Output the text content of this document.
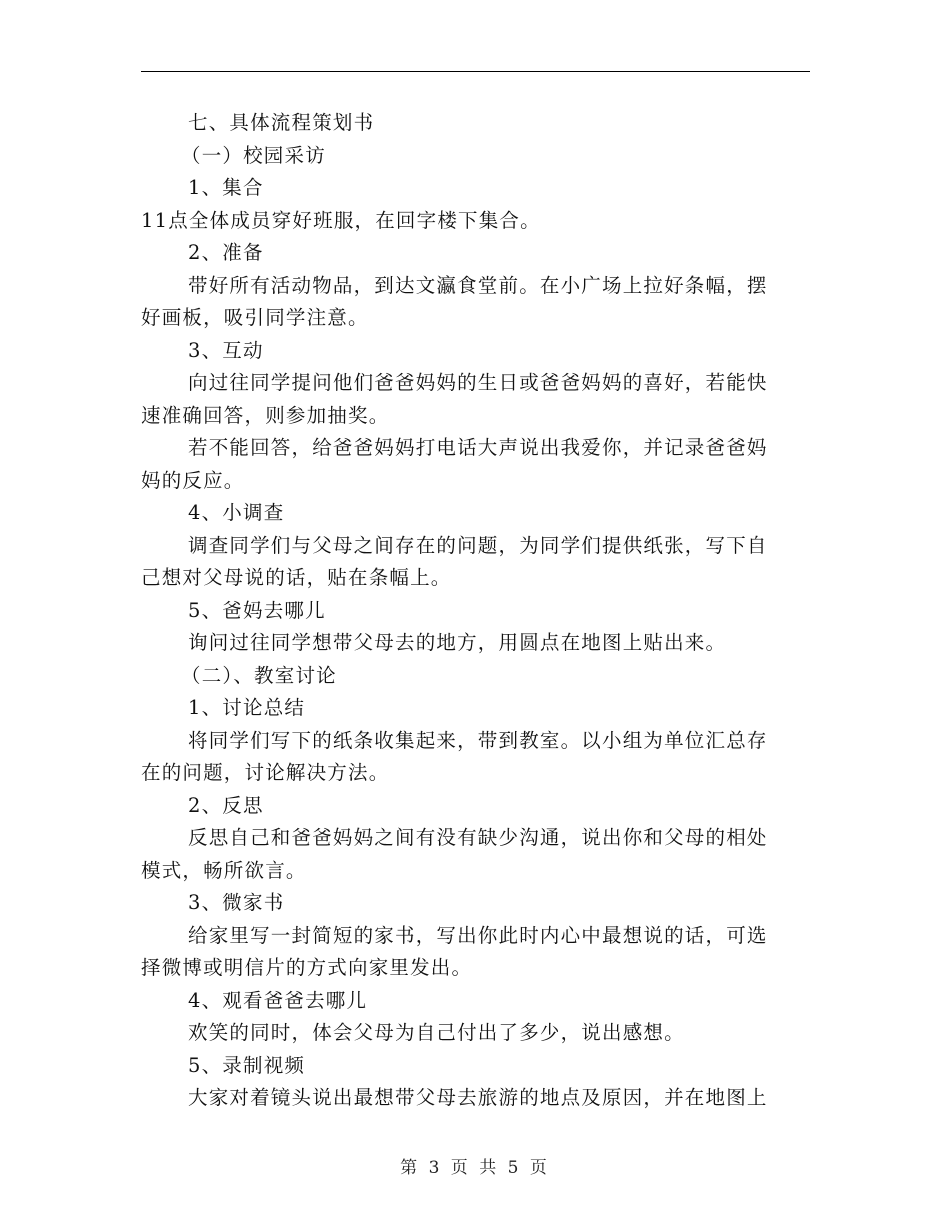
七、具体流程策划书
（一）校园采访
1、集合
11点全体成员穿好班服，在回字楼下集合。
2、准备
带好所有活动物品，到达文瀛食堂前。在小广场上拉好条幅，摆
好画板，吸引同学注意。
3、互动
向过往同学提问他们爸爸妈妈的生日或爸爸妈妈的喜好，若能快
速准确回答，则参加抽奖。
若不能回答，给爸爸妈妈打电话大声说出我爱你，并记录爸爸妈
妈的反应。
4、小调查
调查同学们与父母之间存在的问题，为同学们提供纸张，写下自
己想对父母说的话，贴在条幅上。
5、爸妈去哪儿
询问过往同学想带父母去的地方，用圆点在地图上贴出来。
（二）、教室讨论
1、讨论总结
将同学们写下的纸条收集起来，带到教室。以小组为单位汇总存
在的问题，讨论解决方法。
2、反思
反思自己和爸爸妈妈之间有没有缺少沟通，说出你和父母的相处
模式，畅所欲言。
3、微家书
给家里写一封简短的家书，写出你此时内心中最想说的话，可选
择微博或明信片的方式向家里发出。
4、观看爸爸去哪儿
欢笑的同时，体会父母为自己付出了多少，说出感想。
5、录制视频
大家对着镜头说出最想带父母去旅游的地点及原因，并在地图上
第 3 页 共 5 页
